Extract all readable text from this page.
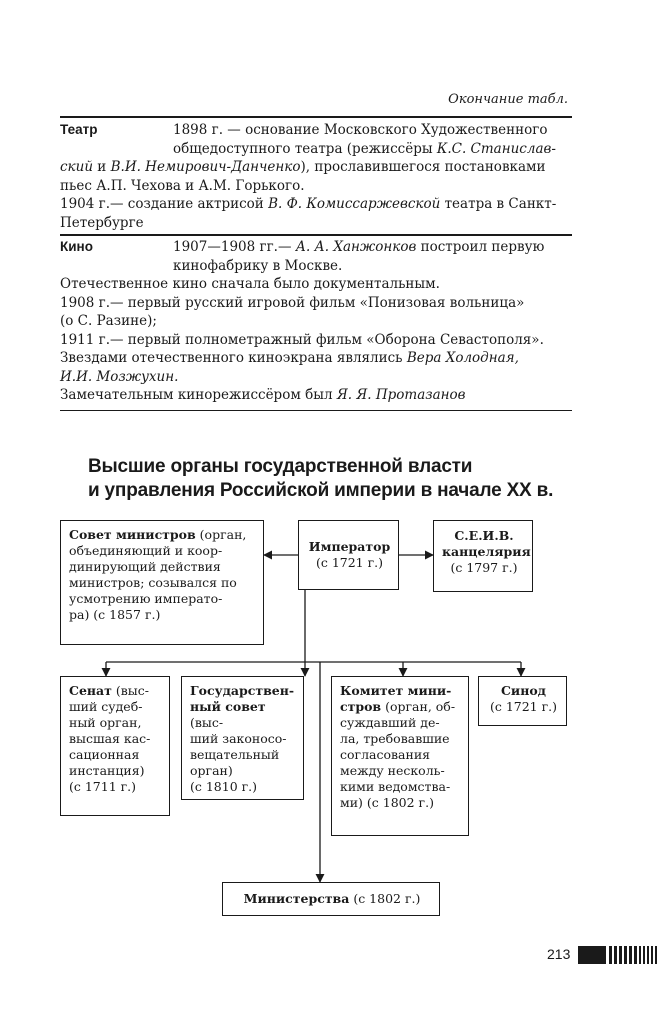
Окончание табл.
Театр	1898 г. — основание Московского Художественного

общедоступного театра (режиссёры К.С. Станислав-

ский и В.И. Немирович-Данченко), прославившегося постановками

пьес А.П. Чехова и А.М. Горького.

1904 г.— создание актрисой В. Ф. Комиссаржевской театра в Санкт-

Петербурге

Кино	1907—1908 гг.— А. А. Ханжонков построил первую

кинофабрику в Москве.

Отечественное кино сначала было документальным.

1908 г.— первый русский игровой фильм «Понизовая вольница»

(о С. Разине);

1911 г.— первый полнометражный фильм «Оборона Севастополя».

Звездами отечественного киноэкрана являлись Вера Холодная,

И.И. Мозжухин.

Замечательным кинорежиссёром был Я. Я. Протазанов

Высшие органы государственной власти
и управления Российской империи в начале XX в.
Совет министров (орган,
объединяющий и коор-
динирующий действия
министров; созывался по
усмотрению императо-
ра) (с 1857 г.)
Император
(с 1721 г.)
С.Е.И.В.
канцелярия
(с 1797 г.)
Сенат (выс-
ший судеб-
ный орган,
высшая кас-
сационная
инстанция)
(с 1711 г.)
Государствен-
ный совет (выс-
ший законосо-
вещательный
орган)
(с 1810 г.)
Комитет мини-
стров (орган, об-
суждавший де-
ла, требовавшие
согласования
между несколь-
кими ведомства-
ми) (с 1802 г.)
Синод
(с 1721 г.)
Министерства (с 1802 г.)
213
